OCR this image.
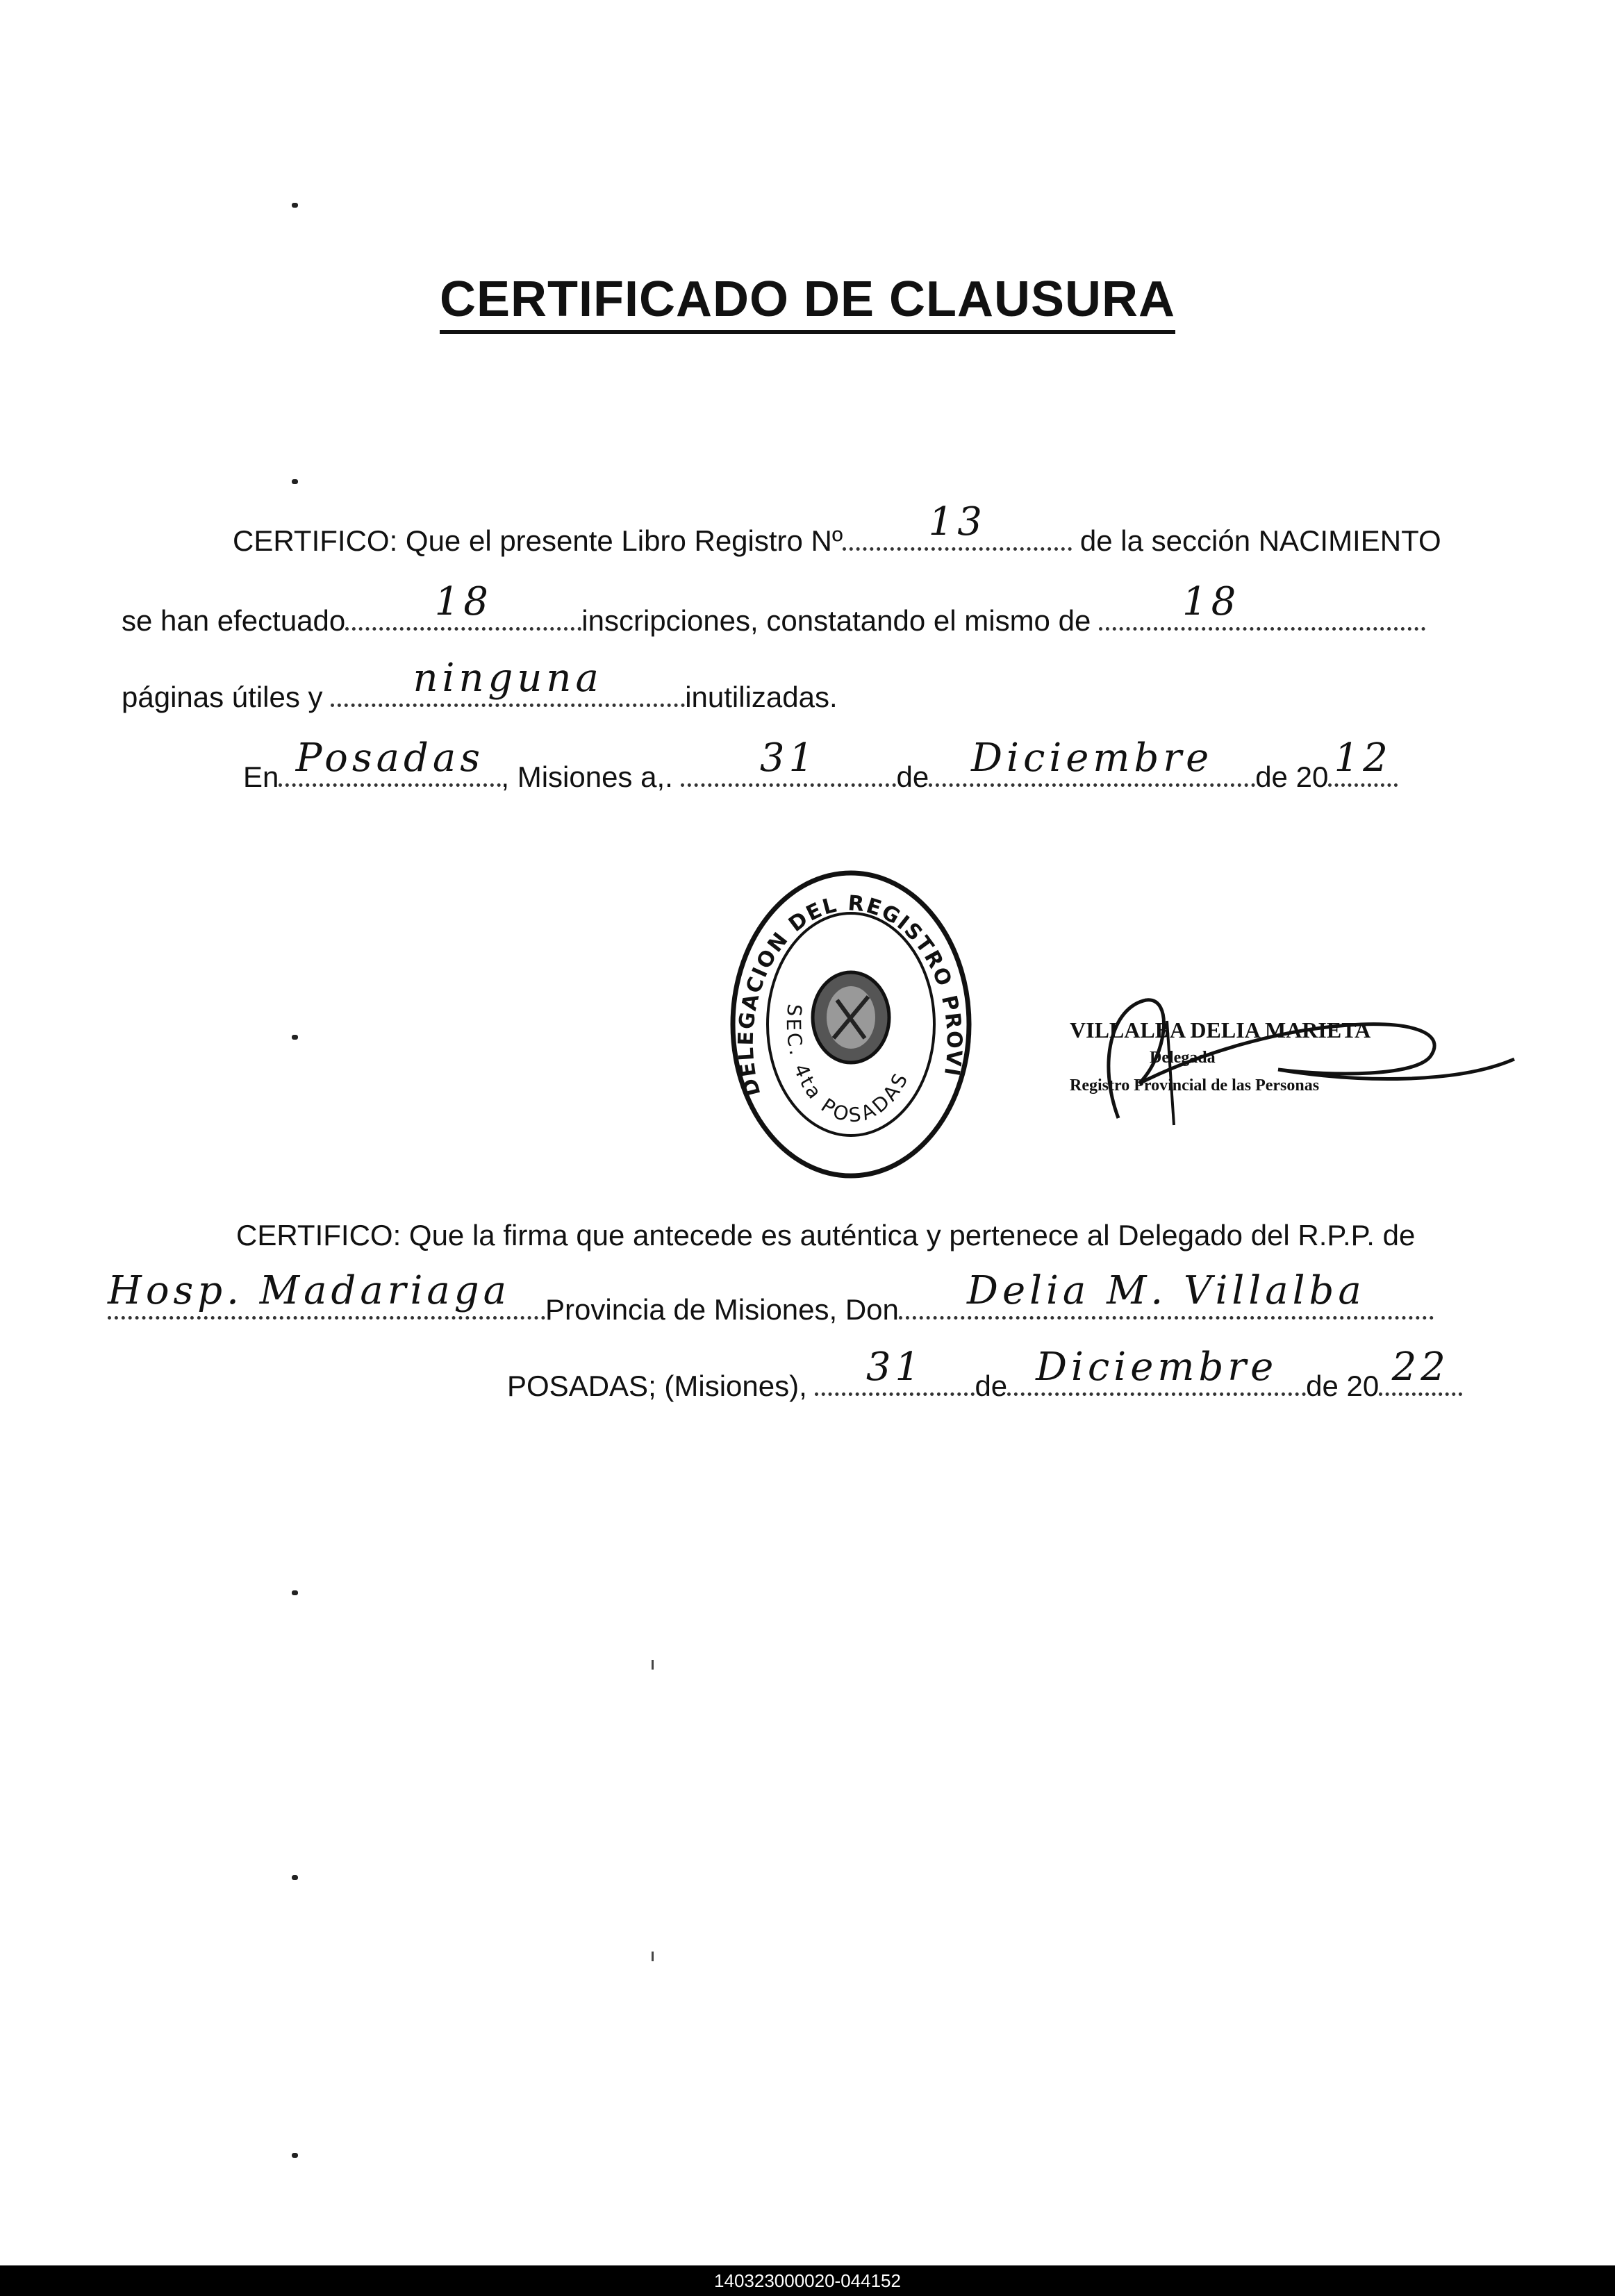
CERTIFICADO DE CLAUSURA
CERTIFICO: Que el presente Libro Registro Nº	13	de la sección NACIMIENTO
se han efectuado	18	inscripciones, constatando el mismo de 18
páginas útiles y	ninguna	inutilizadas.
En Posadas , Misiones a,.	31	de	Diciembre	de 20 12
DELEGACION DEL REGISTRO PROVI
SEC. 4ta POSADAS
VILLALBA DELIA MARIETA
Delegada
Registro Provincial de las Personas
CERTIFICO: Que la firma que antecede es auténtica y pertenece al Delegado del R.P.P. de
Hosp. Madariaga Provincia de Misiones, Don	Delia M. Villalba
POSADAS; (Misiones),	31	de Diciembre de 20 22
140323000020-044152
